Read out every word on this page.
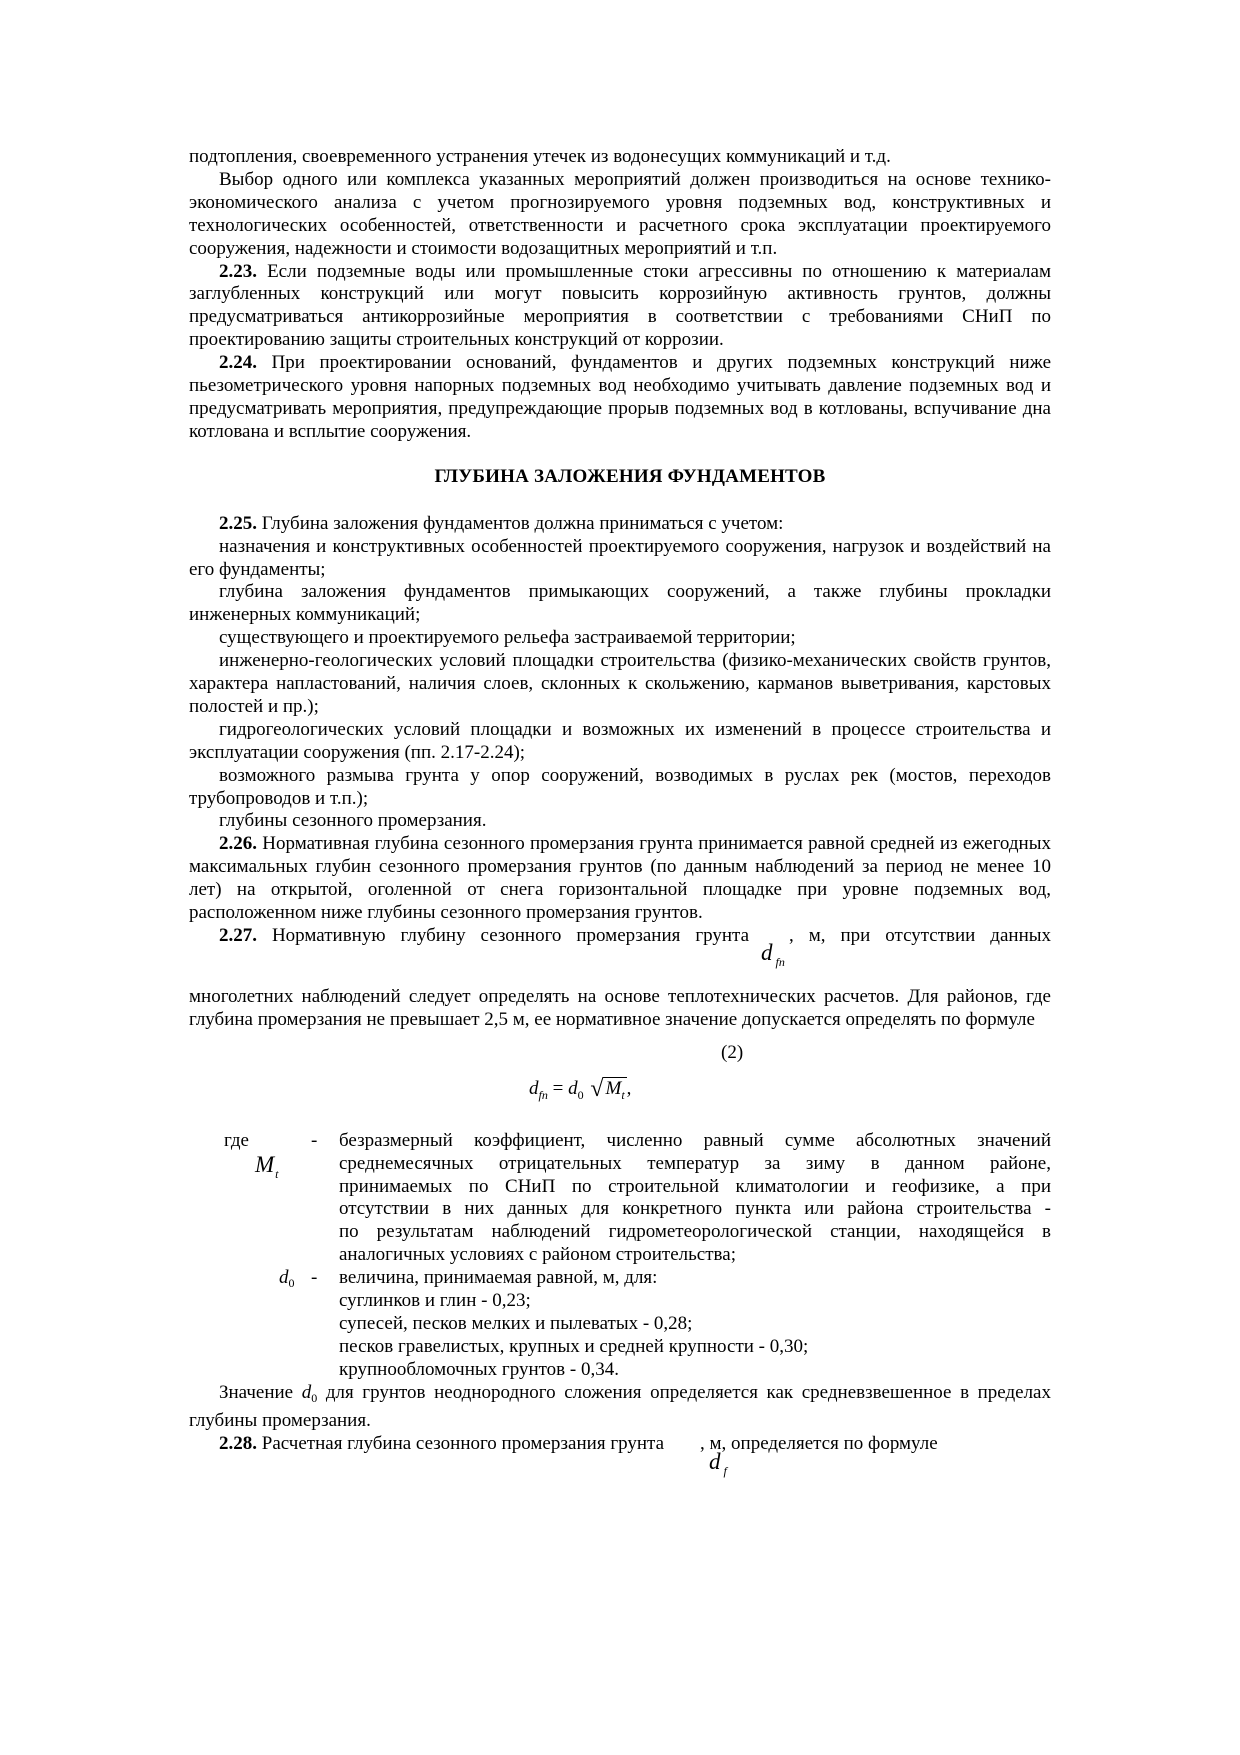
подтопления, своевременного устранения утечек из водонесущих коммуникаций и т.д.

Выбор одного или комплекса указанных мероприятий должен производиться на основе технико-экономического анализа с учетом прогнозируемого уровня подземных вод, конструктивных и технологических особенностей, ответственности и расчетного срока эксплуатации проектируемого сооружения, надежности и стоимости водозащитных мероприятий и т.п.

2.23. Если подземные воды или промышленные стоки агрессивны по отношению к материалам заглубленных конструкций или могут повысить коррозийную активность грунтов, должны предусматриваться антикоррозийные мероприятия в соответствии с требованиями СНиП по проектированию защиты строительных конструкций от коррозии.

2.24. При проектировании оснований, фундаментов и других подземных конструкций ниже пьезометрического уровня напорных подземных вод необходимо учитывать давление подземных вод и предусматривать мероприятия, предупреждающие прорыв подземных вод в котлованы, вспучивание дна котлована и всплытие сооружения.

ГЛУБИНА ЗАЛОЖЕНИЯ ФУНДАМЕНТОВ

2.25. Глубина заложения фундаментов должна приниматься с учетом:

назначения и конструктивных особенностей проектируемого сооружения, нагрузок и воздействий на его фундаменты;

глубина заложения фундаментов примыкающих сооружений, а также глубины прокладки инженерных коммуникаций;

существующего и проектируемого рельефа застраиваемой территории;

инженерно-геологических условий площадки строительства (физико-механических свойств грунтов, характера напластований, наличия слоев, склонных к скольжению, карманов выветривания, карстовых полостей и пр.);

гидрогеологических условий площадки и возможных их изменений в процессе строительства и эксплуатации сооружения (пп. 2.17-2.24);

возможного размыва грунта у опор сооружений, возводимых в руслах рек (мостов, переходов трубопроводов и т.п.);

глубины сезонного промерзания.

2.26. Нормативная глубина сезонного промерзания грунта принимается равной средней из ежегодных максимальных глубин сезонного промерзания грунтов (по данным наблюдений за период не менее 10 лет) на открытой, оголенной от снега горизонтальной площадке при уровне подземных вод, расположенном ниже глубины сезонного промерзания грунтов.

2.27. Нормативную глубину сезонного промерзания грунта , м, при отсутствии данных

d $_{fn}$

многолетних наблюдений следует определять на основе теплотехнических расчетов. Для районов, где глубина промерзания не превышает 2,5 м, ее нормативное значение допускается определять по формуле

(2)
$d_{fn} = d_0$ √ $M_t$ ,
где
$M_t$
-	безразмерный коэффициент, численно равный сумме абсолютных значений
среднемесячных отрицательных температур за зиму в данном районе,
принимаемых по СНиП по строительной климатологии и геофизике, а при
отсутствии в них данных для конкретного пункта или района строительства -
по результатам наблюдений гидрометеорологической станции, находящейся в
аналогичных условиях с районом строительства;
$d_0$ -	величина, принимаемая равной, м, для:
суглинков и глин - 0,23;
супесей, песков мелких и пылеватых - 0,28;
песков гравелистых, крупных и средней крупности - 0,30;
крупнообломочных грунтов - 0,34.

Значение $d_0$ для грунтов неоднородного сложения определяется как средневзвешенное в пределах глубины промерзания.

2.28. Расчетная глубина сезонного промерзания грунта , м, определяется по формуле

d $_f$
